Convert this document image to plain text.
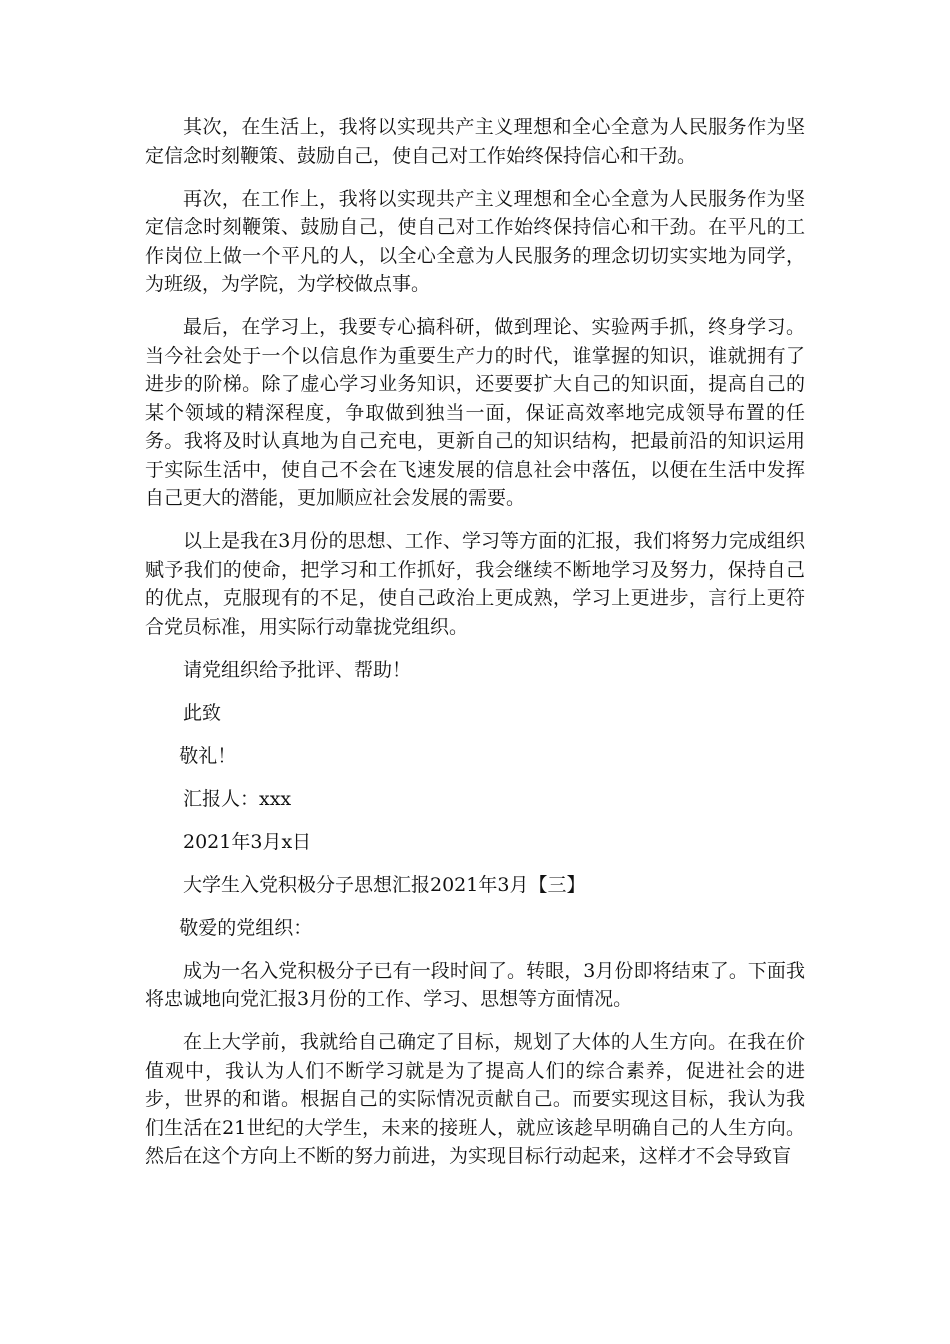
其次，在生活上，我将以实现共产主义理想和全心全意为人民服务作为坚定信念时刻鞭策、鼓励自己，使自己对工作始终保持信心和干劲。

再次，在工作上，我将以实现共产主义理想和全心全意为人民服务作为坚定信念时刻鞭策、鼓励自己，使自己对工作始终保持信心和干劲。在平凡的工作岗位上做一个平凡的人，以全心全意为人民服务的理念切切实实地为同学，为班级，为学院，为学校做点事。

最后，在学习上，我要专心搞科研，做到理论、实验两手抓，终身学习。当今社会处于一个以信息作为重要生产力的时代，谁掌握的知识，谁就拥有了进步的阶梯。除了虚心学习业务知识，还要要扩大自己的知识面，提高自己的某个领域的精深程度，争取做到独当一面，保证高效率地完成领导布置的任务。我将及时认真地为自己充电，更新自己的知识结构，把最前沿的知识运用于实际生活中，使自己不会在飞速发展的信息社会中落伍，以便在生活中发挥自己更大的潜能，更加顺应社会发展的需要。

以上是我在3月份的思想、工作、学习等方面的汇报，我们将努力完成组织赋予我们的使命，把学习和工作抓好，我会继续不断地学习及努力，保持自己的优点，克服现有的不足，使自己政治上更成熟，学习上更进步，言行上更符合党员标准，用实际行动靠拢党组织。

请党组织给予批评、帮助！

此致

敬礼！

汇报人：xxx

2021年3月x日

大学生入党积极分子思想汇报2021年3月【三】

敬爱的党组织：

成为一名入党积极分子已有一段时间了。转眼，3月份即将结束了。下面我将忠诚地向党汇报3月份的工作、学习、思想等方面情况。

在上大学前，我就给自己确定了目标，规划了大体的人生方向。在我在价值观中，我认为人们不断学习就是为了提高人们的综合素养，促进社会的进步，世界的和谐。根据自己的实际情况贡献自己。而要实现这目标，我认为我们生活在21世纪的大学生，未来的接班人，就应该趁早明确自己的人生方向。然后在这个方向上不断的努力前进，为实现目标行动起来，这样才不会导致盲
